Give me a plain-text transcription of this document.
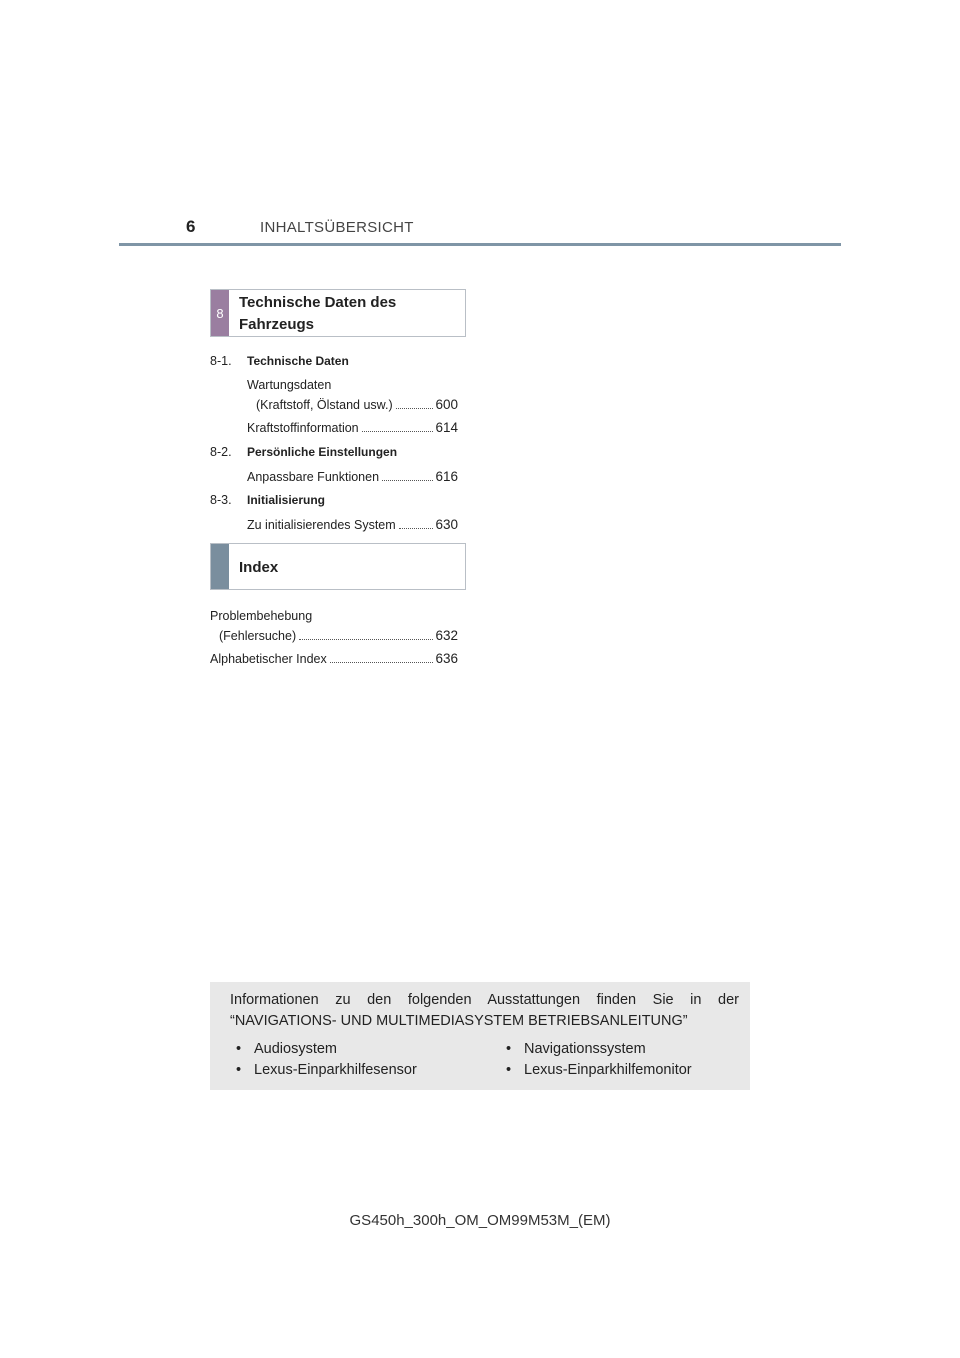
6	INHALTSÜBERSICHT
8
Technische Daten des
Fahrzeugs
8-1. Technische Daten
Wartungsdaten
(Kraftstoff, Ölstand usw.)	600
Kraftstoffinformation	614
8-2. Persönliche Einstellungen
Anpassbare Funktionen	616
8-3. Initialisierung
Zu initialisierendes System	630
Index
Problembehebung
(Fehlersuche)	632
Alphabetischer Index	636
Informationen zu den folgenden Ausstattungen finden Sie in der “NAVIGATIONS- UND MULTIMEDIASYSTEM BETRIEBSANLEITUNG”
• Audiosystem	• Navigationssystem
• Lexus-Einparkhilfesensor	• Lexus-Einparkhilfemonitor
GS450h_300h_OM_OM99M53M_(EM)
